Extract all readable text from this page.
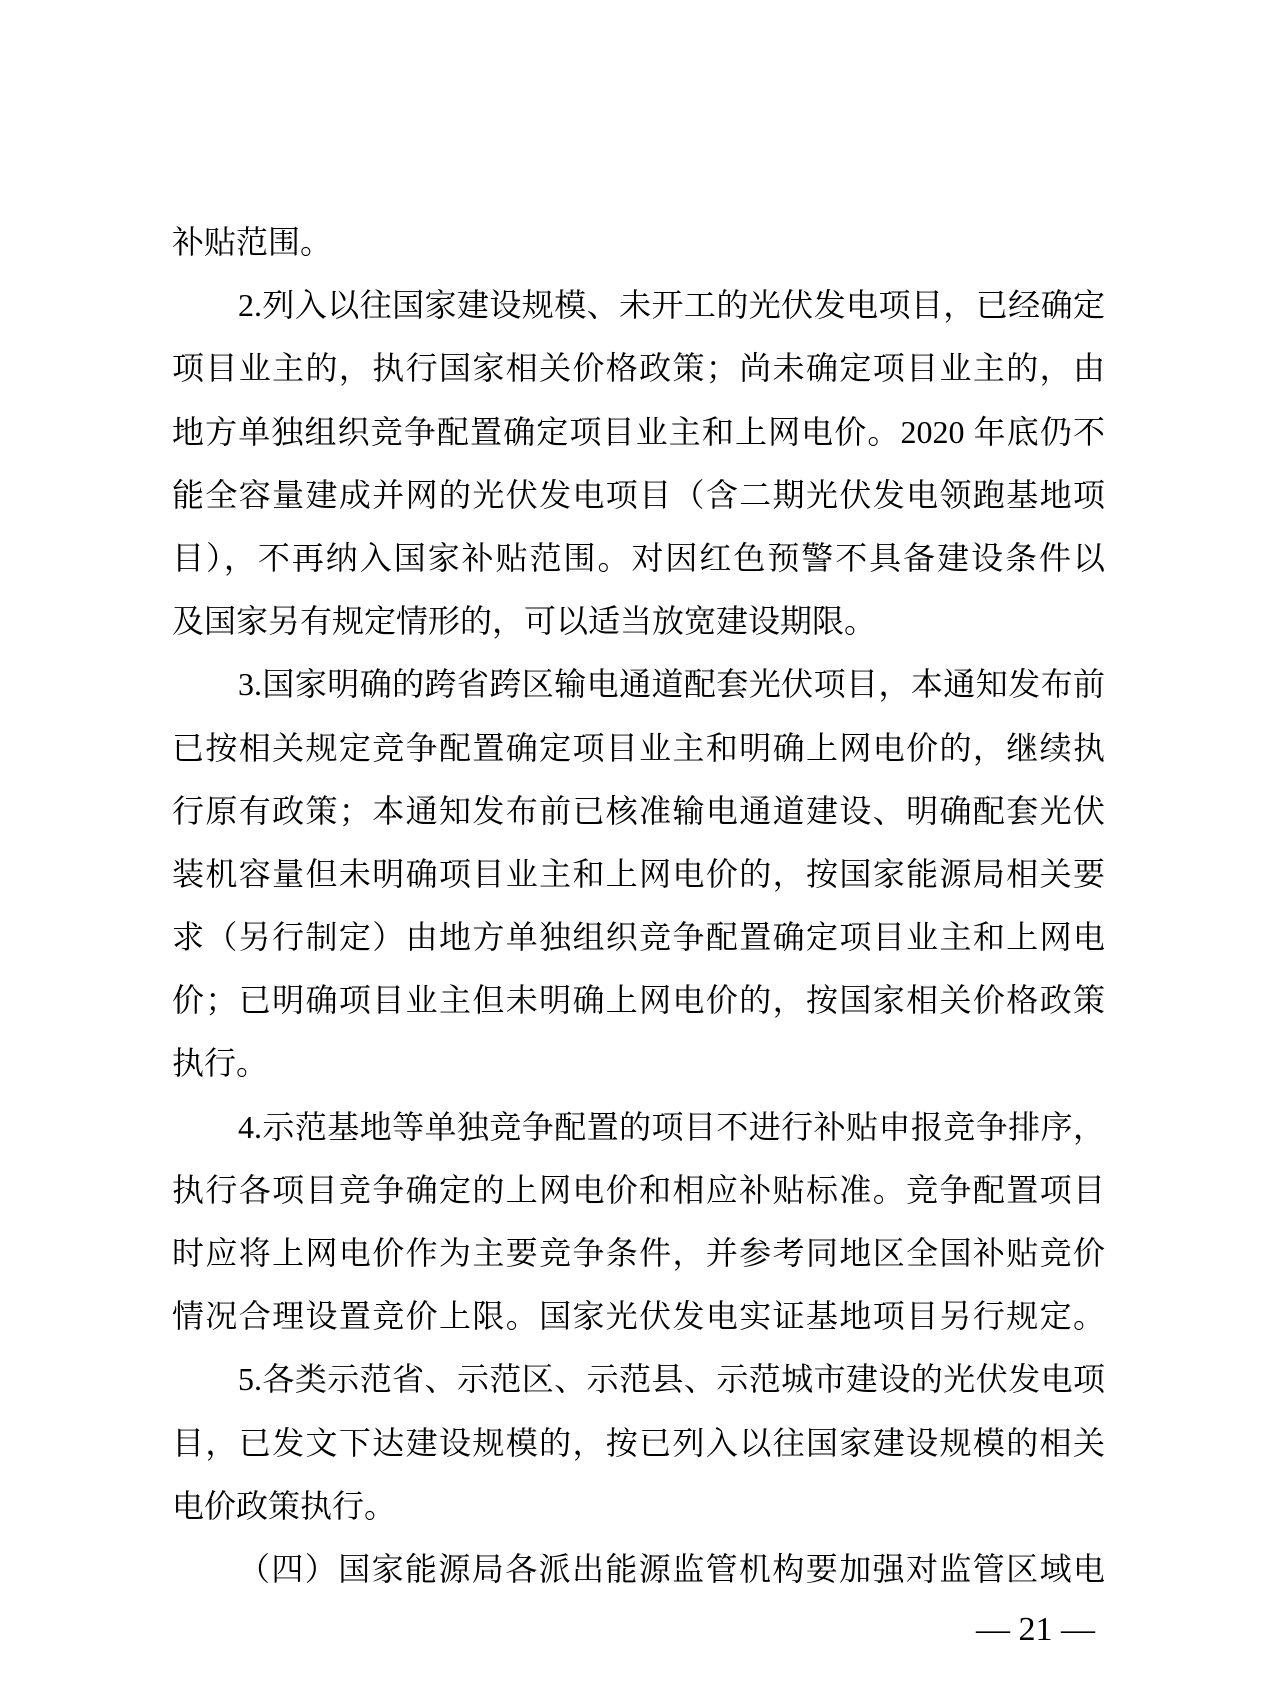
补贴范围。
2.列入以往国家建设规模、未开工的光伏发电项目，已经确定
项目业主的，执行国家相关价格政策；尚未确定项目业主的，由
地方单独组织竞争配置确定项目业主和上网电价。2020 年底仍不
能全容量建成并网的光伏发电项目（含二期光伏发电领跑基地项
目），不再纳入国家补贴范围。对因红色预警不具备建设条件以
及国家另有规定情形的，可以适当放宽建设期限。
3.国家明确的跨省跨区输电通道配套光伏项目，本通知发布前
已按相关规定竞争配置确定项目业主和明确上网电价的，继续执
行原有政策；本通知发布前已核准输电通道建设、明确配套光伏
装机容量但未明确项目业主和上网电价的，按国家能源局相关要
求（另行制定）由地方单独组织竞争配置确定项目业主和上网电
价；已明确项目业主但未明确上网电价的，按国家相关价格政策
执行。
4.示范基地等单独竞争配置的项目不进行补贴申报竞争排序，
执行各项目竞争确定的上网电价和相应补贴标准。竞争配置项目
时应将上网电价作为主要竞争条件，并参考同地区全国补贴竞价
情况合理设置竞价上限。国家光伏发电实证基地项目另行规定。
5.各类示范省、示范区、示范县、示范城市建设的光伏发电项
目，已发文下达建设规模的，按已列入以往国家建设规模的相关
电价政策执行。
（四）国家能源局各派出能源监管机构要加强对监管区域电
— 21 —
